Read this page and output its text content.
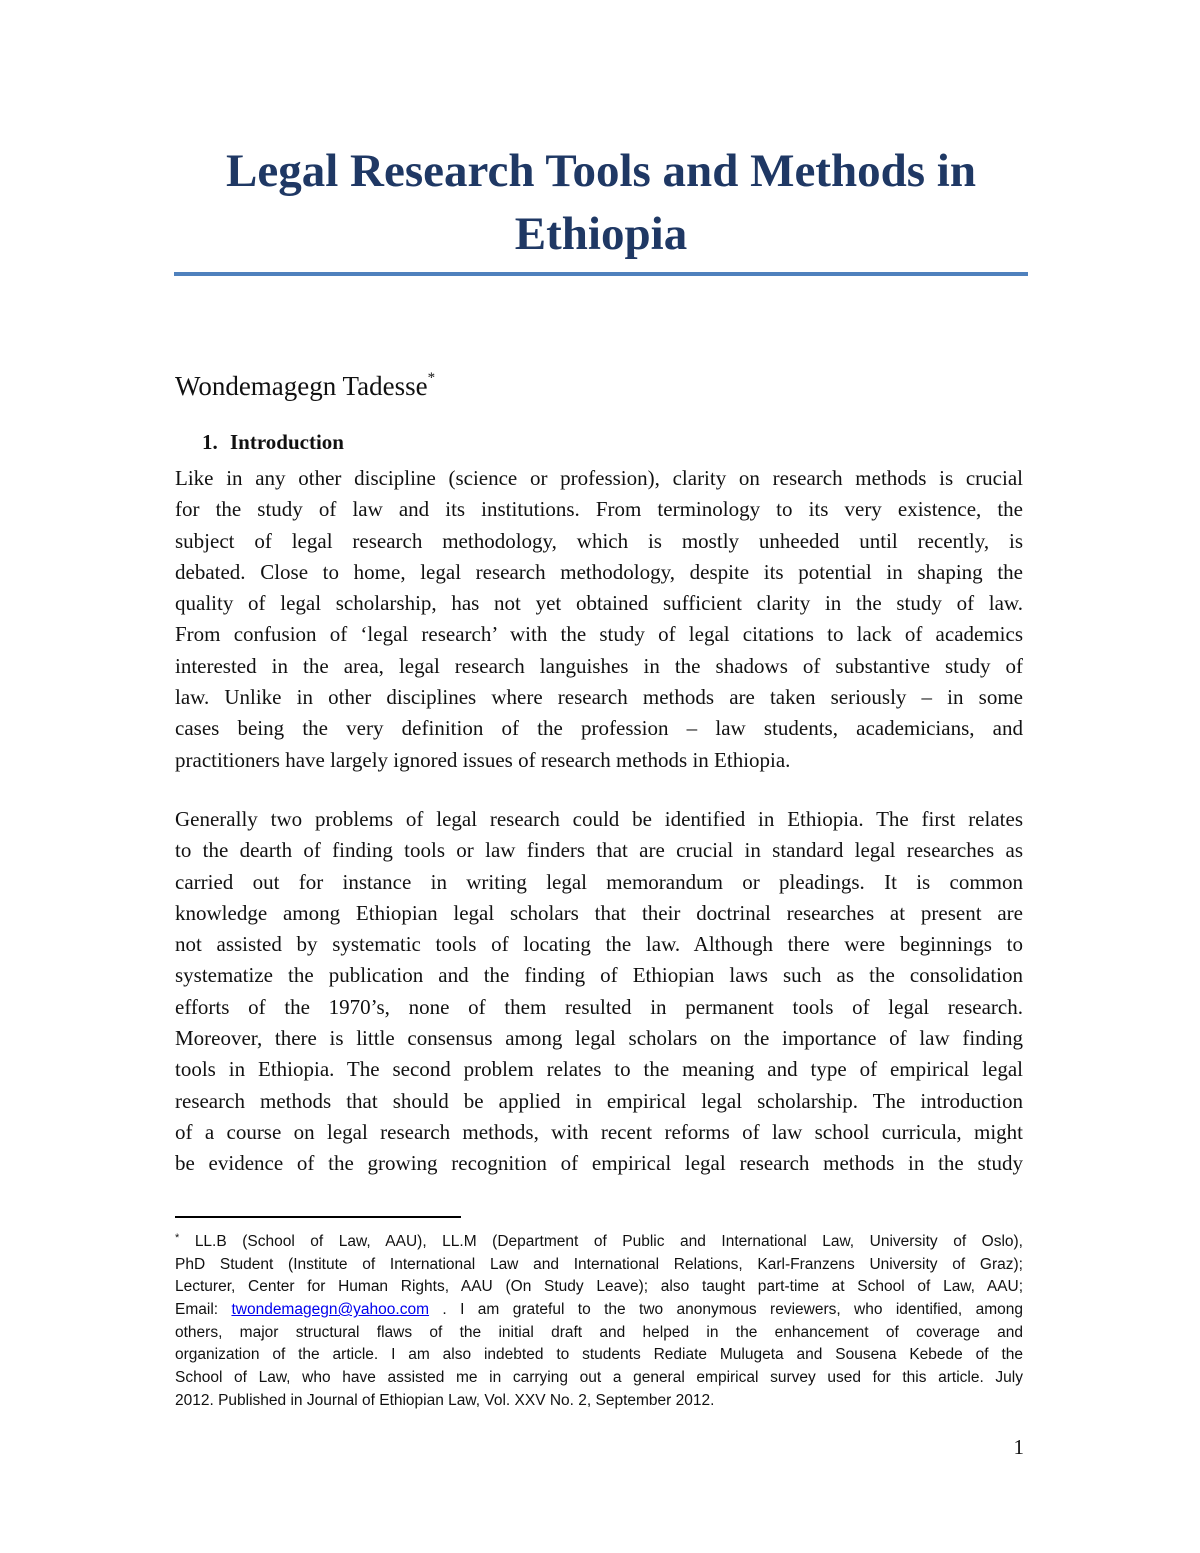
Legal Research Tools and Methods in Ethiopia
Wondemagegn Tadesse*
1. Introduction
Like in any other discipline (science or profession), clarity on research methods is crucial
for the study of law and its institutions. From terminology to its very existence, the
subject of legal research methodology, which is mostly unheeded until recently, is
debated. Close to home, legal research methodology, despite its potential in shaping the
quality of legal scholarship, has not yet obtained sufficient clarity in the study of law.
From confusion of ‘legal research’ with the study of legal citations to lack of academics
interested in the area, legal research languishes in the shadows of substantive study of
law. Unlike in other disciplines where research methods are taken seriously – in some
cases being the very definition of the profession – law students, academicians, and
practitioners have largely ignored issues of research methods in Ethiopia.
Generally two problems of legal research could be identified in Ethiopia. The first relates
to the dearth of finding tools or law finders that are crucial in standard legal researches as
carried out for instance in writing legal memorandum or pleadings. It is common
knowledge among Ethiopian legal scholars that their doctrinal researches at present are
not assisted by systematic tools of locating the law. Although there were beginnings to
systematize the publication and the finding of Ethiopian laws such as the consolidation
efforts of the 1970’s, none of them resulted in permanent tools of legal research.
Moreover, there is little consensus among legal scholars on the importance of law finding
tools in Ethiopia. The second problem relates to the meaning and type of empirical legal
research methods that should be applied in empirical legal scholarship. The introduction
of a course on legal research methods, with recent reforms of law school curricula, might
be evidence of the growing recognition of empirical legal research methods in the study
* LL.B (School of Law, AAU), LL.M (Department of Public and International Law, University of Oslo),
PhD Student (Institute of International Law and International Relations, Karl-Franzens University of Graz);
Lecturer, Center for Human Rights, AAU (On Study Leave); also taught part-time at School of Law, AAU;
Email: twondemagegn@yahoo.com . I am grateful to the two anonymous reviewers, who identified, among
others, major structural flaws of the initial draft and helped in the enhancement of coverage and
organization of the article. I am also indebted to students Rediate Mulugeta and Sousena Kebede of the
School of Law, who have assisted me in carrying out a general empirical survey used for this article. July
2012. Published in Journal of Ethiopian Law, Vol. XXV No. 2, September 2012.
1
